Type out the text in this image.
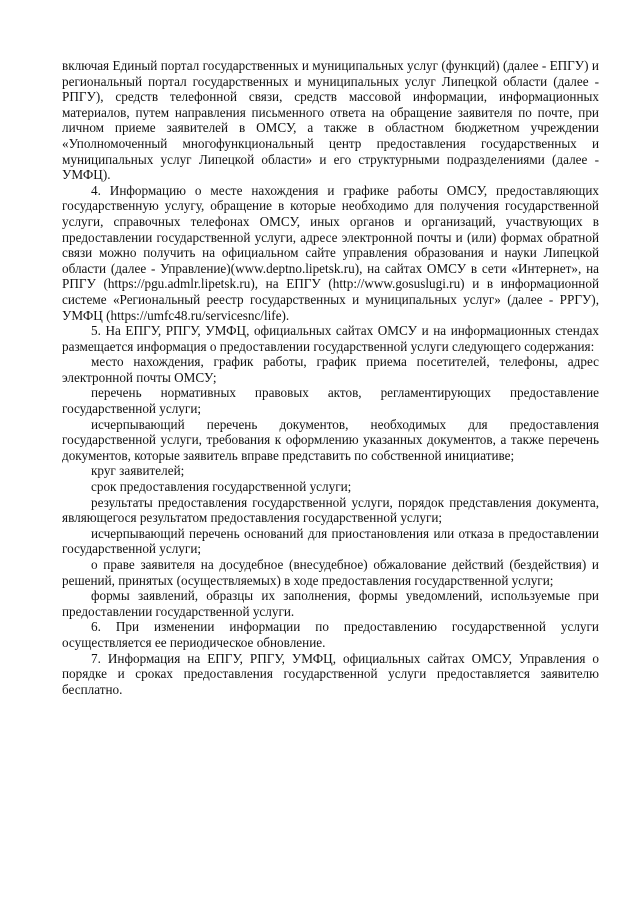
включая Единый портал государственных и муниципальных услуг (функций) (далее - ЕПГУ) и региональный портал государственных и муниципальных услуг Липецкой области (далее - РПГУ), средств телефонной связи, средств массовой информации, информационных материалов, путем направления письменного ответа на обращение заявителя по почте, при личном приеме заявителей в ОМСУ, а также в областном бюджетном учреждении «Уполномоченный многофункциональный центр предоставления государственных и муниципальных услуг Липецкой области» и его структурными подразделениями (далее - УМФЦ).

4. Информацию о месте нахождения и графике работы ОМСУ, предоставляющих государственную услугу, обращение в которые необходимо для получения государственной услуги, справочных телефонах ОМСУ, иных органов и организаций, участвующих в предоставлении государственной услуги, адресе электронной почты и (или) формах обратной связи можно получить на официальном сайте управления образования и науки Липецкой области (далее - Управление)(www.deptno.lipetsk.ru), на сайтах ОМСУ в сети «Интернет», на РПГУ (https://pgu.admlr.lipetsk.ru), на ЕПГУ (http://www.gosuslugi.ru) и в информационной системе «Региональный реестр государственных и муниципальных услуг» (далее - РРГУ), УМФЦ (https://umfc48.ru/servicesnc/life).

5. На ЕПГУ, РПГУ, УМФЦ, официальных сайтах ОМСУ и на информационных стендах размещается информация о предоставлении государственной услуги следующего содержания:

место нахождения, график работы, график приема посетителей, телефоны, адрес электронной почты ОМСУ;

перечень нормативных правовых актов, регламентирующих предоставление государственной услуги;

исчерпывающий перечень документов, необходимых для предоставления государственной услуги, требования к оформлению указанных документов, а также перечень документов, которые заявитель вправе представить по собственной инициативе;

круг заявителей;

срок предоставления государственной услуги;

результаты предоставления государственной услуги, порядок представления документа, являющегося результатом предоставления государственной услуги;

исчерпывающий перечень оснований для приостановления или отказа в предоставлении государственной услуги;

о праве заявителя на досудебное (внесудебное) обжалование действий (бездействия) и решений, принятых (осуществляемых) в ходе предоставления государственной услуги;

формы заявлений, образцы их заполнения, формы уведомлений, используемые при предоставлении государственной услуги.

6. При изменении информации по предоставлению государственной услуги осуществляется ее периодическое обновление.

7. Информация на ЕПГУ, РПГУ, УМФЦ, официальных сайтах ОМСУ, Управления о порядке и сроках предоставления государственной услуги предоставляется заявителю бесплатно.
